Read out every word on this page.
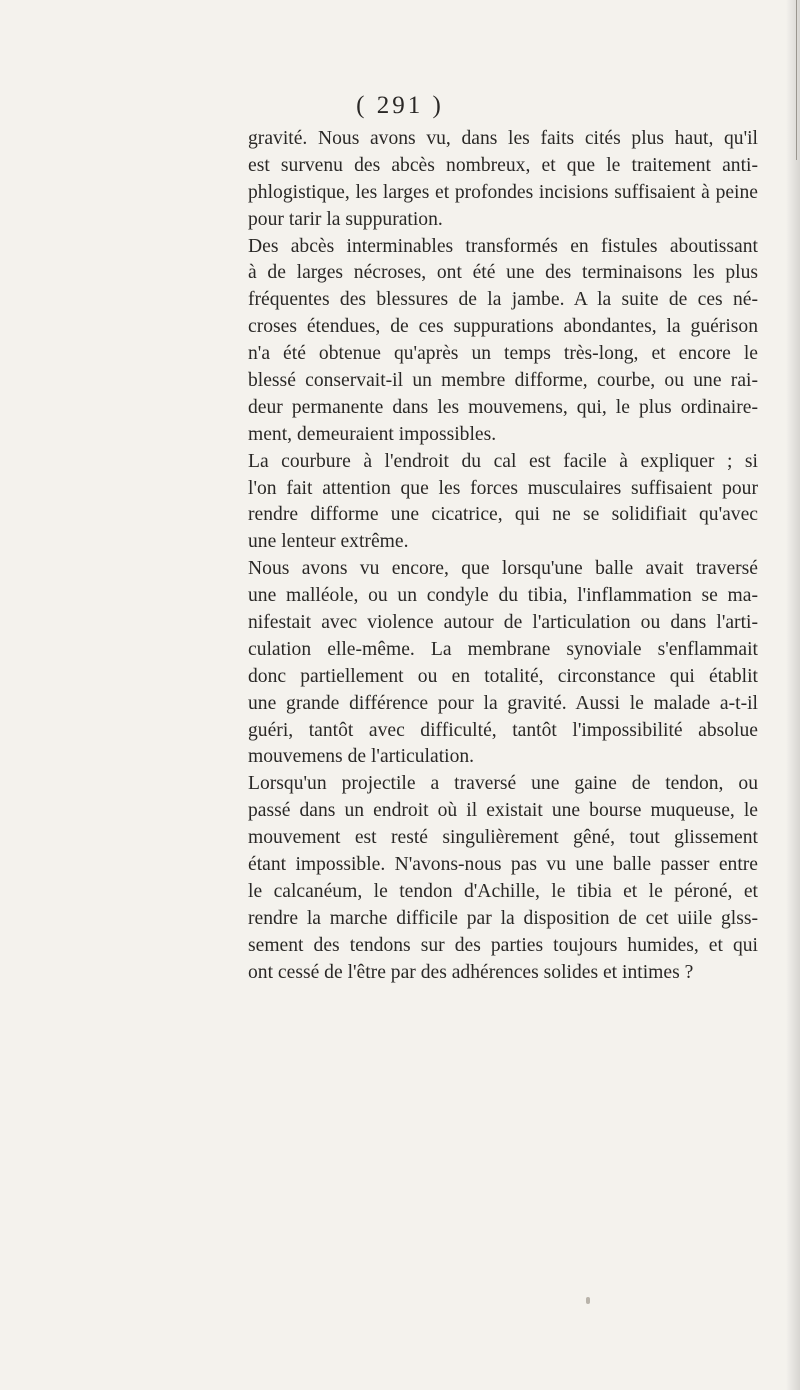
( 291 )
gravité. Nous avons vu, dans les faits cités plus haut, qu'il
est survenu des abcès nombreux, et que le traitement anti-
phlogistique, les larges et profondes incisions suffisaient à peine
pour tarir la suppuration.
Des abcès interminables transformés en fistules aboutissant
à de larges nécroses, ont été une des terminaisons les plus
fréquentes des blessures de la jambe. A la suite de ces né-
croses étendues, de ces suppurations abondantes, la guérison
n'a été obtenue qu'après un temps très-long, et encore le
blessé conservait-il un membre difforme, courbe, ou une rai-
deur permanente dans les mouvemens, qui, le plus ordinaire-
ment, demeuraient impossibles.
La courbure à l'endroit du cal est facile à expliquer ; si
l'on fait attention que les forces musculaires suffisaient pour
rendre difforme une cicatrice, qui ne se solidifiait qu'avec
une lenteur extrême.
Nous avons vu encore, que lorsqu'une balle avait traversé
une malléole, ou un condyle du tibia, l'inflammation se ma-
nifestait avec violence autour de l'articulation ou dans l'arti-
culation elle-même. La membrane synoviale s'enflammait
donc partiellement ou en totalité, circonstance qui établit
une grande différence pour la gravité. Aussi le malade a-t-il
guéri, tantôt avec difficulté, tantôt l'impossibilité absolue
mouvemens de l'articulation.
Lorsqu'un projectile a traversé une gaine de tendon, ou
passé dans un endroit où il existait une bourse muqueuse, le
mouvement est resté singulièrement gêné, tout glissement
étant impossible. N'avons-nous pas vu une balle passer entre
le calcanéum, le tendon d'Achille, le tibia et le péroné, et
rendre la marche difficile par la disposition de cet uiile glss-
sement des tendons sur des parties toujours humides, et qui
ont cessé de l'être par des adhérences solides et intimes ?
